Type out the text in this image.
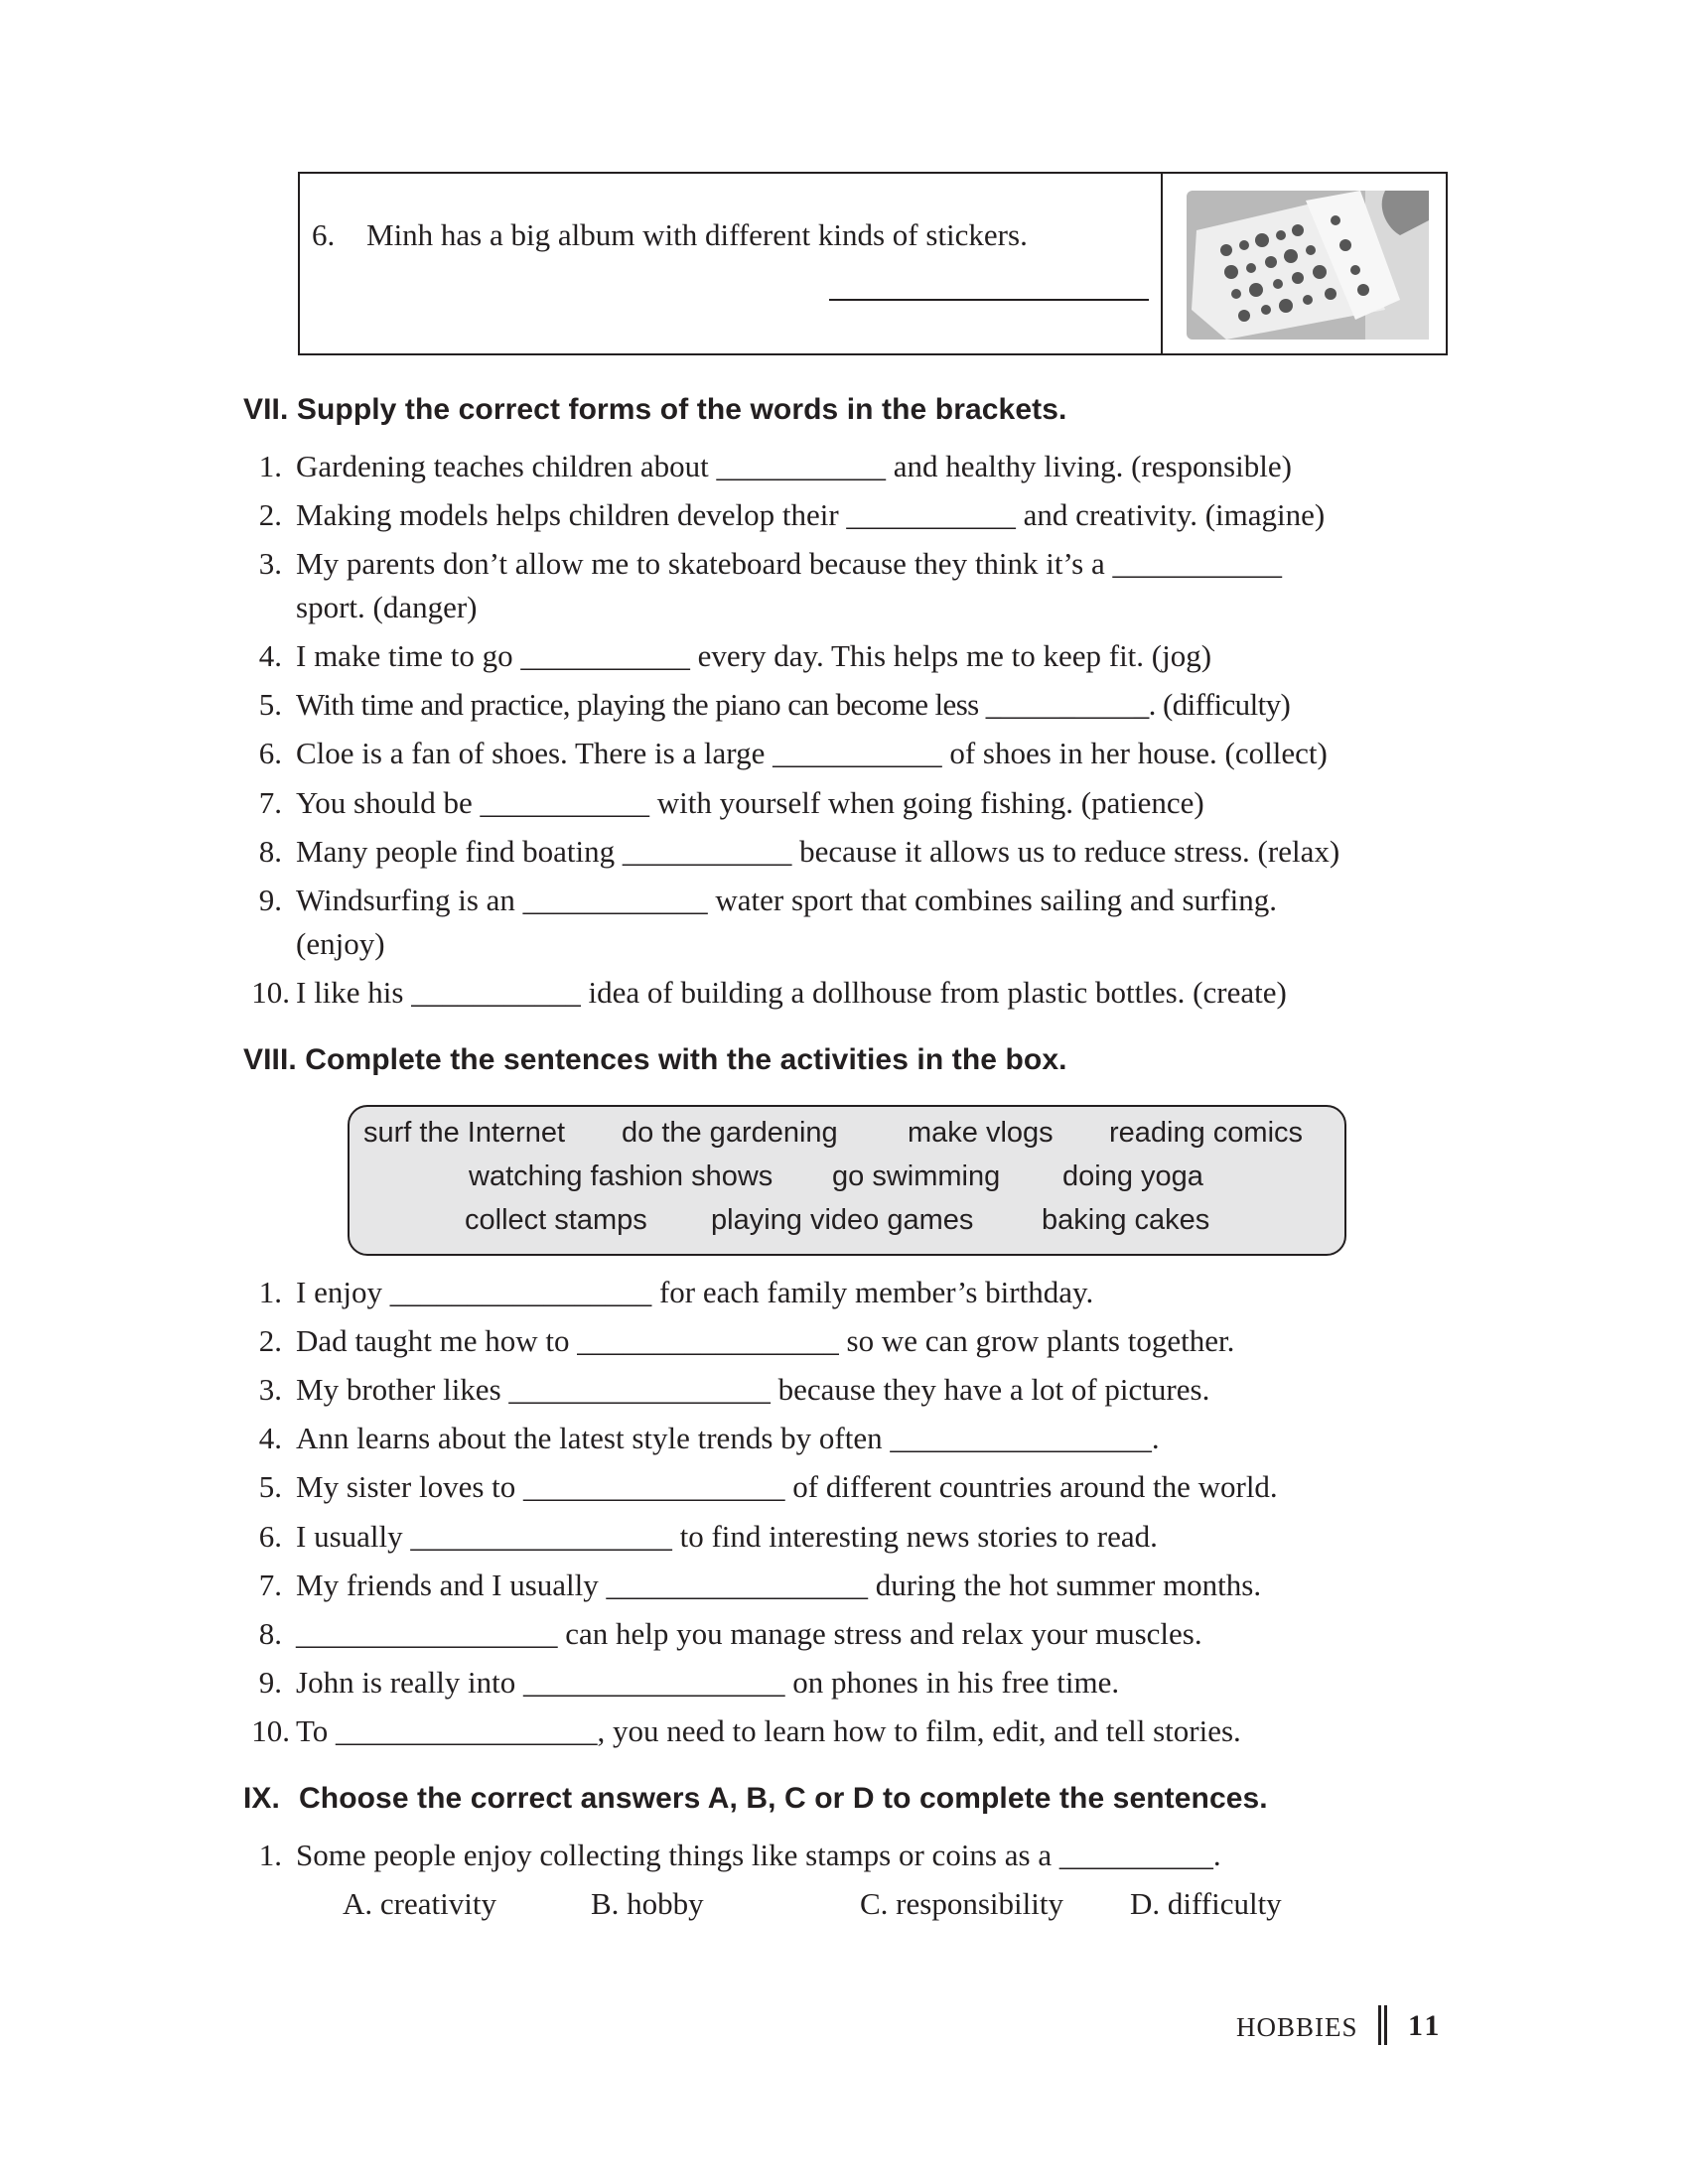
6. Minh has a big album with different kinds of stickers.
VII. Supply the correct forms of the words in the brackets.
1. Gardening teaches children about ___________ and healthy living. (responsible)
2. Making models helps children develop their ___________ and creativity. (imagine)
3. My parents don’t allow me to skateboard because they think it’s a ___________
sport. (danger)
4. I make time to go ___________ every day. This helps me to keep fit. (jog)
5. With time and practice, playing the piano can become less ___________. (difficulty)
6. Cloe is a fan of shoes. There is a large ___________ of shoes in her house. (collect)
7. You should be ___________ with yourself when going fishing. (patience)
8. Many people find boating ___________ because it allows us to reduce stress. (relax)
9. Windsurfing is an ____________ water sport that combines sailing and surfing.
(enjoy)
10. I like his ___________ idea of building a dollhouse from plastic bottles. (create)
VIII. Complete the sentences with the activities in the box.
surf the Internet do the gardening make vlogs reading comics
watching fashion shows go swimming doing yoga
collect stamps playing video games baking cakes
1. I enjoy _________________ for each family member’s birthday.
2. Dad taught me how to _________________ so we can grow plants together.
3. My brother likes _________________ because they have a lot of pictures.
4. Ann learns about the latest style trends by often _________________.
5. My sister loves to _________________ of different countries around the world.
6. I usually _________________ to find interesting news stories to read.
7. My friends and I usually _________________ during the hot summer months.
8. _________________ can help you manage stress and relax your muscles.
9. John is really into _________________ on phones in his free time.
10. To _________________, you need to learn how to film, edit, and tell stories.
IX. Choose the correct answers A, B, C or D to complete the sentences.
1. Some people enjoy collecting things like stamps or coins as a __________.
A. creativity	B. hobby	C. responsibility D. difficulty
HOBBIES 11
